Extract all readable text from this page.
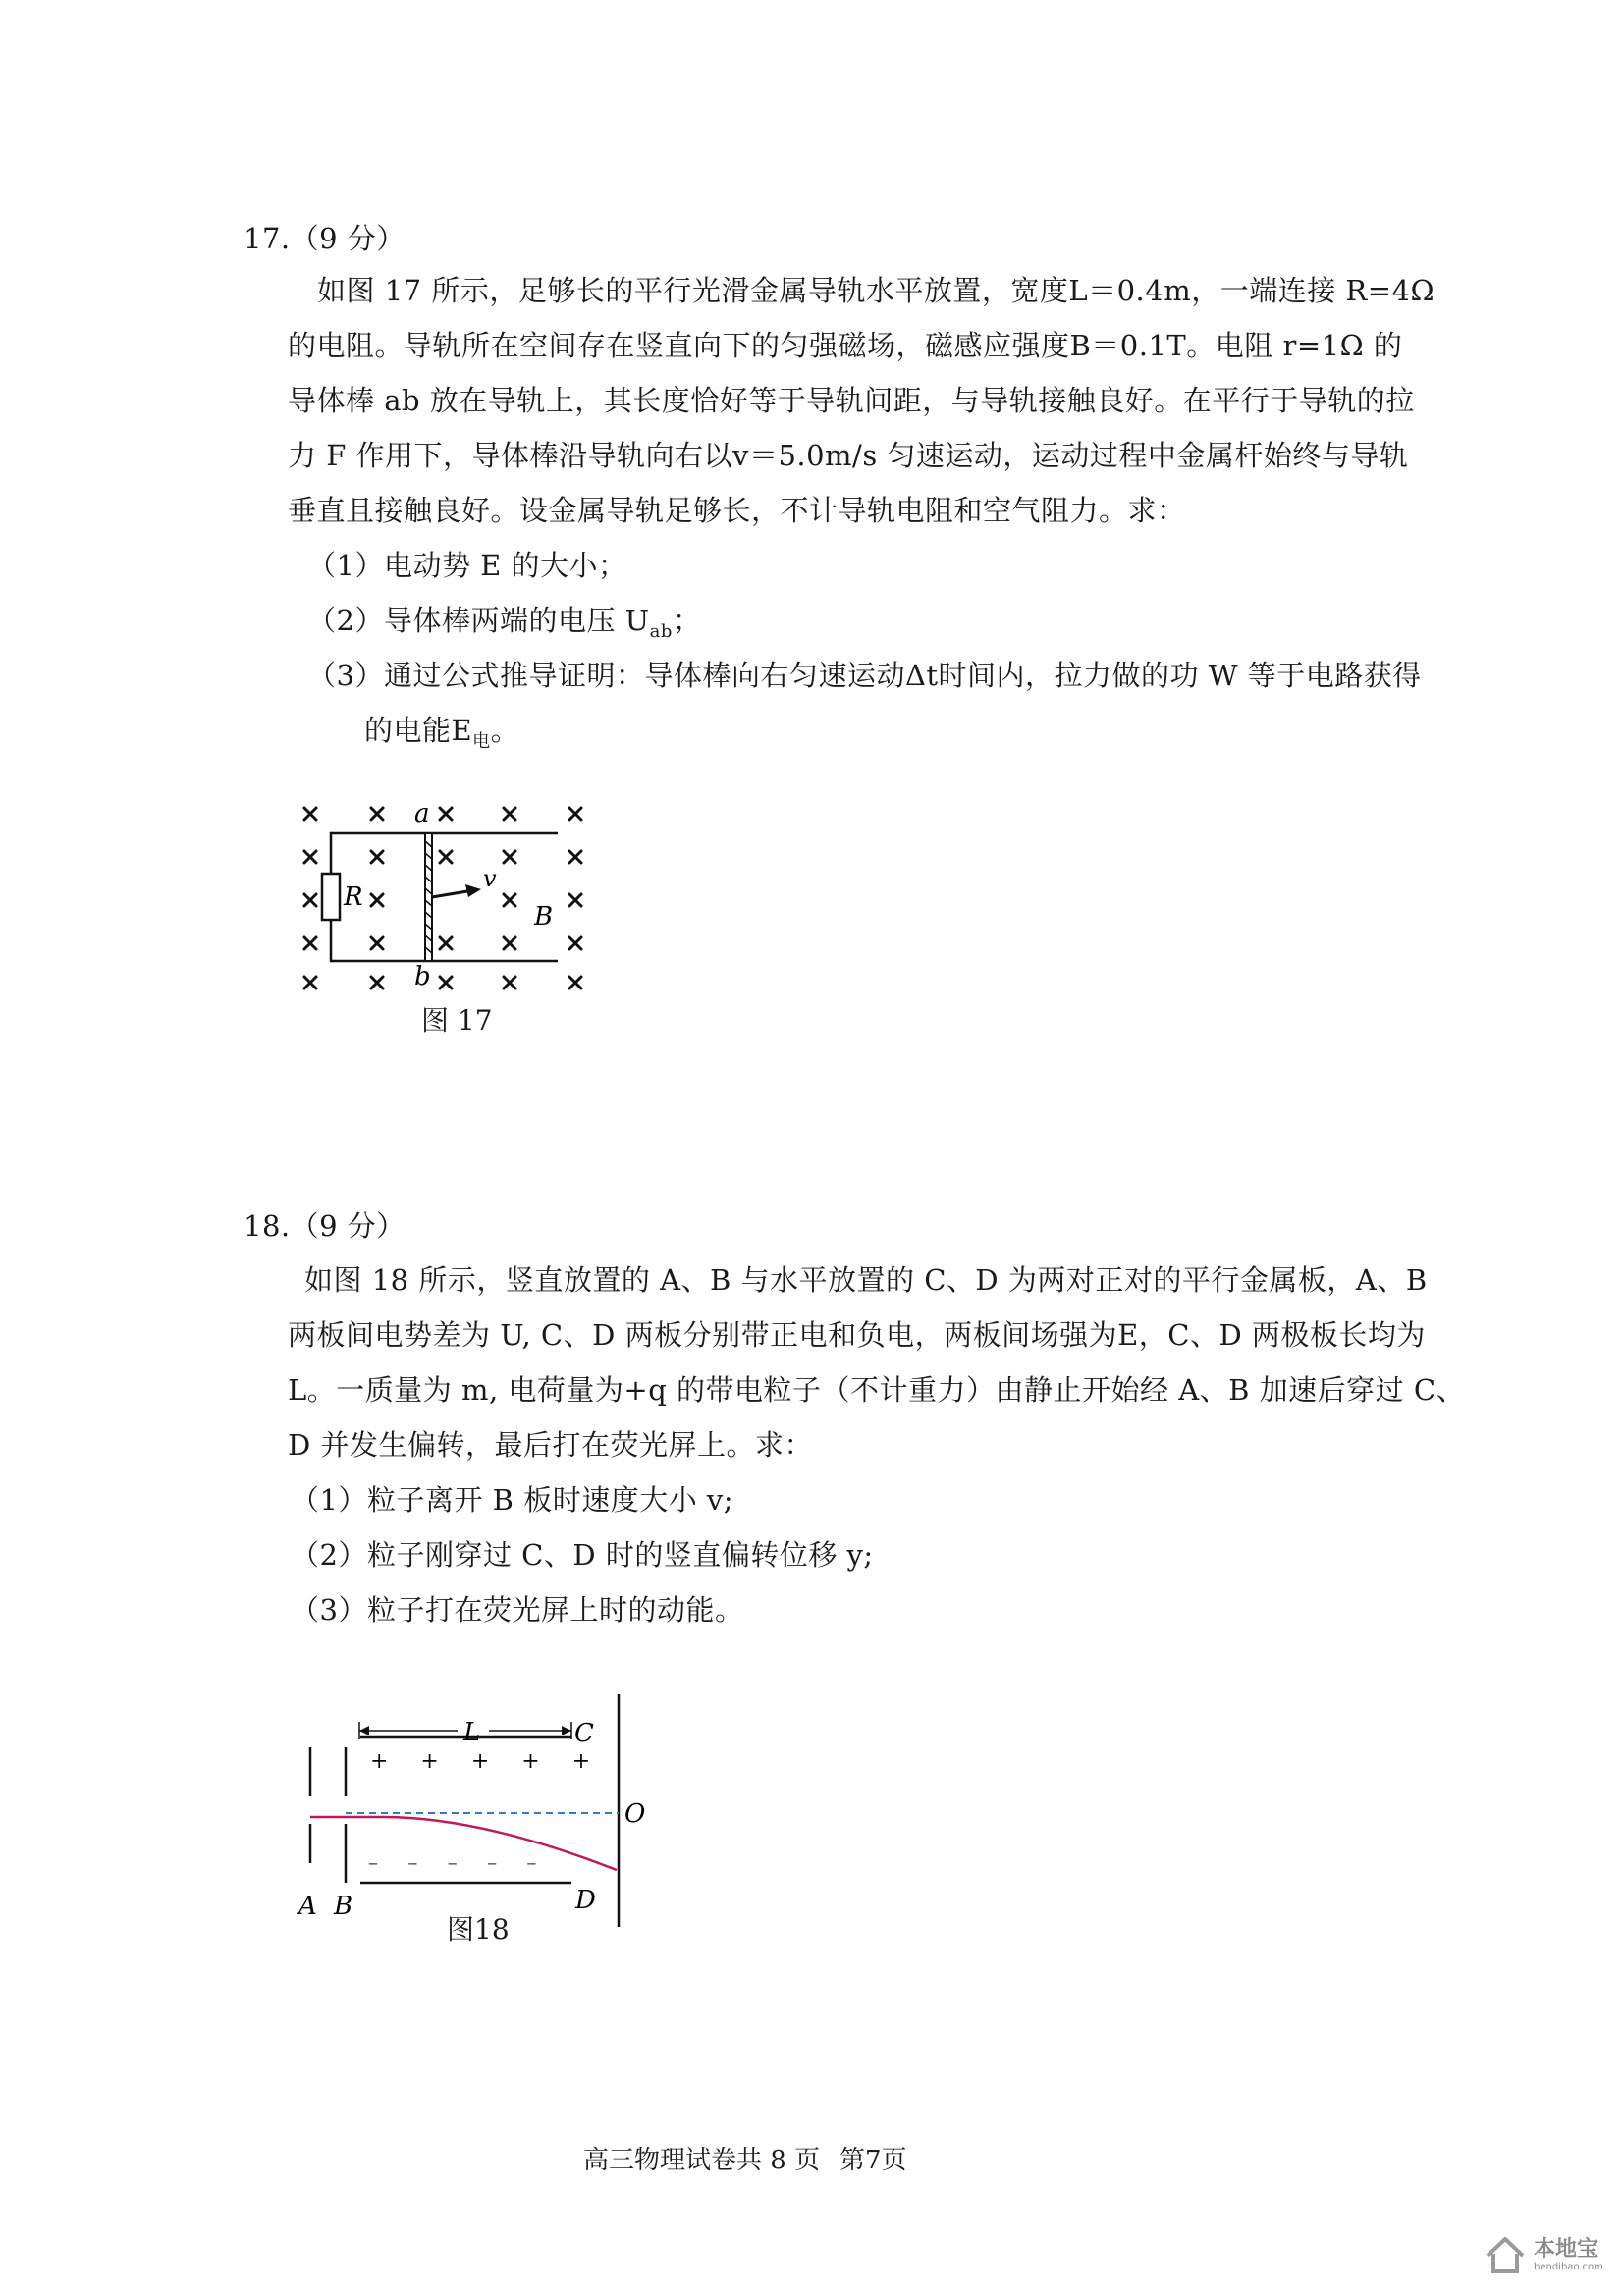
17.（9 分）
如图 17 所示，足够长的平行光滑金属导轨水平放置，宽度L＝0.4m，一端连接 R=4Ω
的电阻。导轨所在空间存在竖直向下的匀强磁场，磁感应强度B＝0.1T。电阻 r=1Ω 的
导体棒 ab 放在导轨上，其长度恰好等于导轨间距，与导轨接触良好。在平行于导轨的拉
力 F 作用下，导体棒沿导轨向右以v＝5.0m/s 匀速运动，运动过程中金属杆始终与导轨
垂直且接触良好。设金属导轨足够长，不计导轨电阻和空气阻力。求：
（1）电动势 E 的大小；
（2）导体棒两端的电压 $U_{ab}$；
（3）通过公式推导证明：导体棒向右匀速运动Δt时间内，拉力做的功 W 等于电路获得
的电能$E_电$。
a
b
R
v
B
图 17
18.（9 分）
如图 18 所示，竖直放置的 A、B 与水平放置的 C、D 为两对正对的平行金属板，A、B
两板间电势差为 U, C、D 两板分别带正电和负电，两板间场强为E，C、D 两极板长均为
L。一质量为 m, 电荷量为+q 的带电粒子（不计重力）由静止开始经 A、B 加速后穿过 C、
D 并发生偏转，最后打在荧光屏上。求：
（1）粒子离开 B 板时速度大小 v;
（2）粒子刚穿过 C、D 时的竖直偏转位移 y;
（3）粒子打在荧光屏上时的动能。
+ + + + +
– – – – –
L	C
O
D
A B
图18
高三物理试卷共 8 页 第7页
本地宝
bendibao.com
